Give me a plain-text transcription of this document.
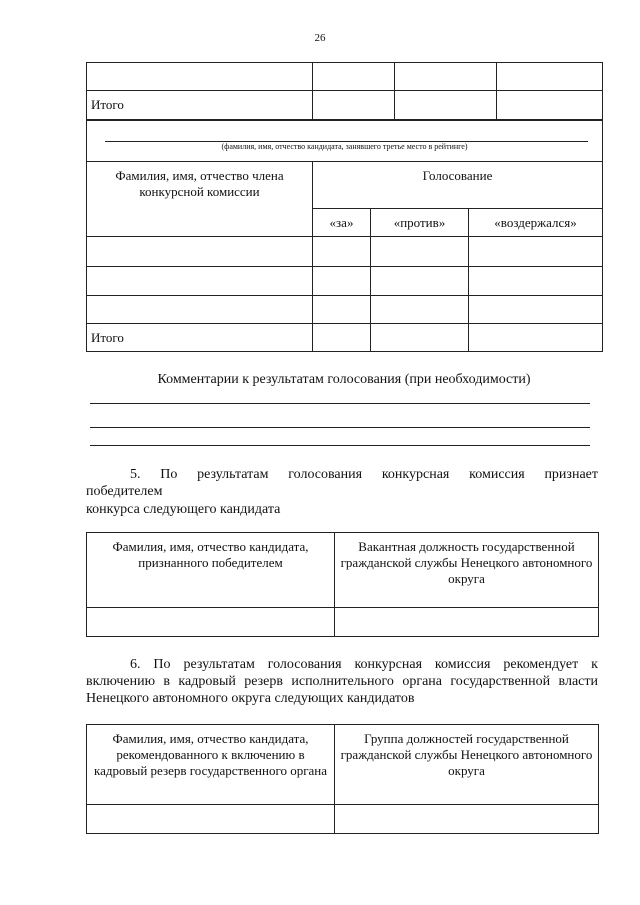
26

Итого			
(фамилия, имя, отчество кандидата, занявшего третье место в рейтинге)			

Фамилия, имя, отчество члена конкурсной комиссии	Голосование		
	«за»	«против»	«воздержался»

Итого			
Комментарии к результатам голосования (при необходимости)
5. По результатам голосования конкурсная комиссия признает
победителем
конкурса следующего кандидата
Фамилия, имя, отчество кандидата, признанного победителем	Вакантная должность государственной гражданской службы Ненецкого автономного округа

6. По результатам голосования конкурсная комиссия рекомендует к включению в кадровый резерв исполнительного органа государственной власти Ненецкого автономного округа следующих кандидатов
Фамилия, имя, отчество кандидата, рекомендованного к включению в кадровый резерв государственного органа	Группа должностей государственной гражданской службы Ненецкого автономного округа
